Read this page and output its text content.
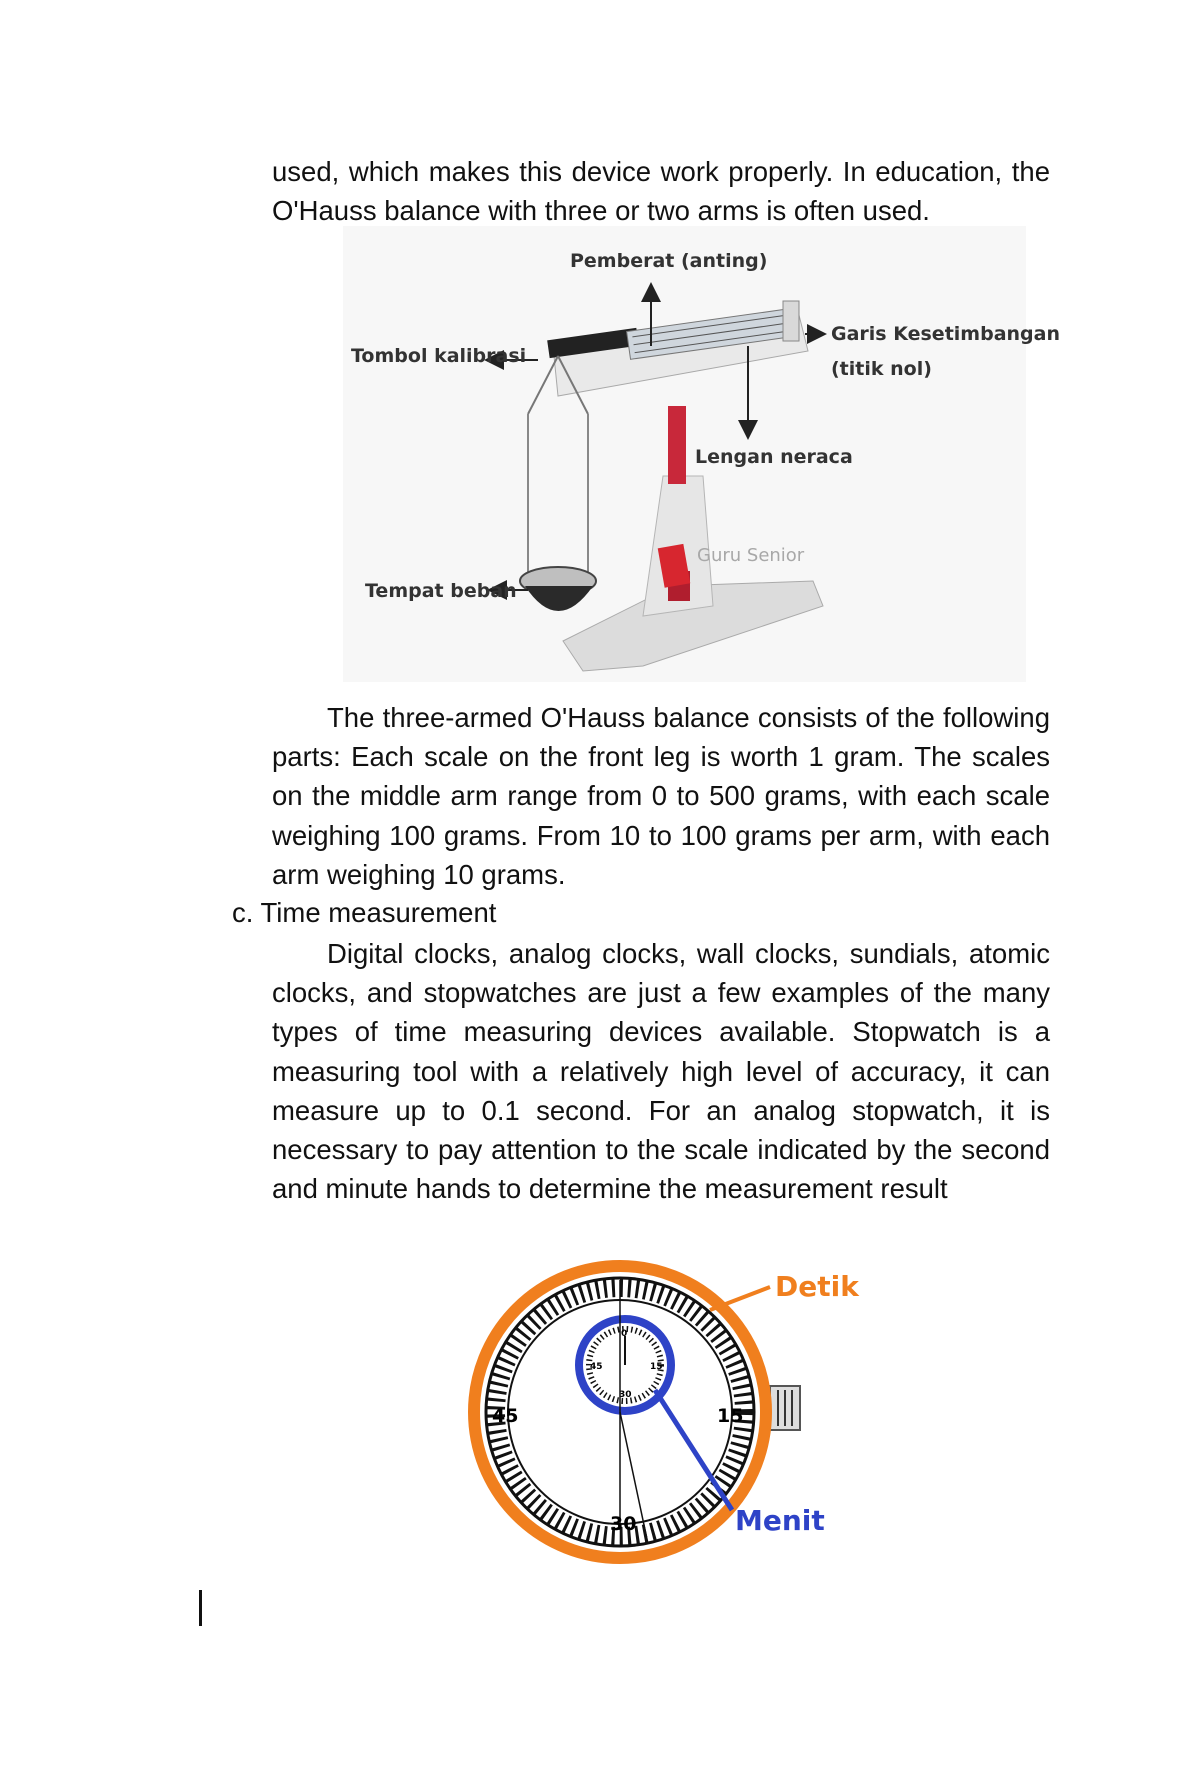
used, which makes this device work properly. In education, the O'Hauss balance with three or two arms is often used.

Pemberat (anting)
Tombol kalibrasi
Garis Kesetimbangan
(titik nol)
Lengan neraca
Tempat beban
Guru Senior

The three-armed O'Hauss balance consists of the following parts: Each scale on the front leg is worth 1 gram. The scales on the middle arm range from 0 to 500 grams, with each scale weighing 100 grams. From 10 to 100 grams per arm, with each arm weighing 10 grams.

c. Time measurement

Digital clocks, analog clocks, wall clocks, sundials, atomic clocks, and stopwatches are just a few examples of the many types of time measuring devices available. Stopwatch is a measuring tool with a relatively high level of accuracy, it can measure up to 0.1 second. For an analog stopwatch, it is necessary to pay attention to the scale indicated by the second and minute hands to determine the measurement result

0
15
30
45
45	15
30
Detik
Menit
